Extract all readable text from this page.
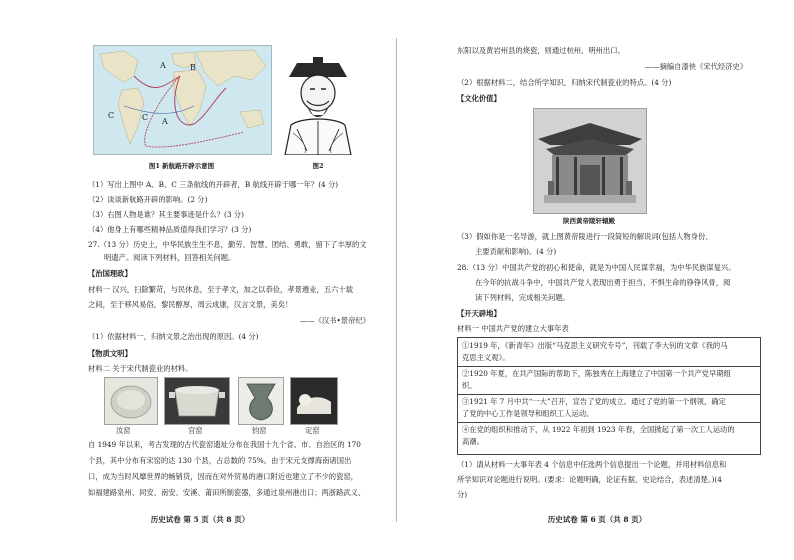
A	B
C	C A
图1 新航路开辟示意图	图2
（1）写出上图中 A、B、C 三条航线的开辟者，B 航线开辟于哪一年？(4 分)
（2）谈谈新航路开辟的影响。(2 分)
（3）右图人物是谁？其主要事迹是什么？(3 分)
（4）他身上有哪些精神品质值得我们学习？(3 分)
27.（13 分）历史上，中华民族生生不息，勤劳、智慧、团结、勇敢，留下了丰厚的文
明遗产。阅读下列材料，回答相关问题。
【治国理政】
材料一 汉兴，扫除繁苛，与民休息，至于孝文，加之以恭俭，孝景遵业，五六十载
之间，至于移风易俗，黎民醇厚，周云成康，汉言文景，美矣！
——《汉书•景帝纪》
（1）依据材料一，归纳文景之治出现的原因。(4 分)
【物质文明】
材料二 关于宋代制瓷业的材料。
汝窑	官窑	钧窑	定窑
自 1949 年以来，考古发现的古代瓷窑遗址分布在我国十九个省、市、自治区的 170
个县，其中分布有宋窑的达 130 个县，占总数的 75%。由于宋元支撑海南诸国出
口，成为当时风靡世界的畅销货，因而在对外贸易的港口附近也建立了不少的瓷窑，
如福建路泉州、同安、南安、安溪、莆田所制瓷器，多通过泉州港出口；两浙路武义、
历史试卷 第 5 页（共 8 页）
东阳以及黄岩州县的烧瓷，则通过杭州、明州出口。
——摘编自漆侠《宋代经济史》
（2）根据材料二，结合所学知识，归纳宋代制瓷业的特点。(4 分)
【文化价值】
陕西黄帝陵轩辕殿
（3）假如你是一名导游，就上图黄帝陵进行一段简短的解说词(包括人物身份、
主要贡献和影响)。(4 分)
28.（13 分）中国共产党的初心和使命，就是为中国人民谋幸福，为中华民族谋复兴。
在今年的抗战斗争中，中国共产党人表现出勇于担当、不惧生命的铮铮风骨，阅
读下列材料，完成相关问题。
【开天辟地】
材料一 中国共产党的建立大事年表
①1919 年，《新青年》出版“马克思主义研究专号”，刊载了李大钊的文章《我的马
克思主义观》。
②1920 年夏，在共产国际的帮助下，陈独秀在上海建立了中国第一个共产党早期组
织。
③1921 年 7 月中共“一大”召开，宣告了党的成立。通过了党的第一个纲领，确定
了党的中心工作是领导和组织工人运动。
④在党的组织和推动下，从 1922 年初到 1923 年春，全国掀起了第一次工人运动的
高潮。
（1）请从材料一大事年表 4 个信息中任选两个信息提出一个论题，并用材料信息和
所学知识对论题进行说明。(要求：论题明确，论证有据，史论结合，表述清楚。)(4
分)
历史试卷 第 6 页（共 8 页）
